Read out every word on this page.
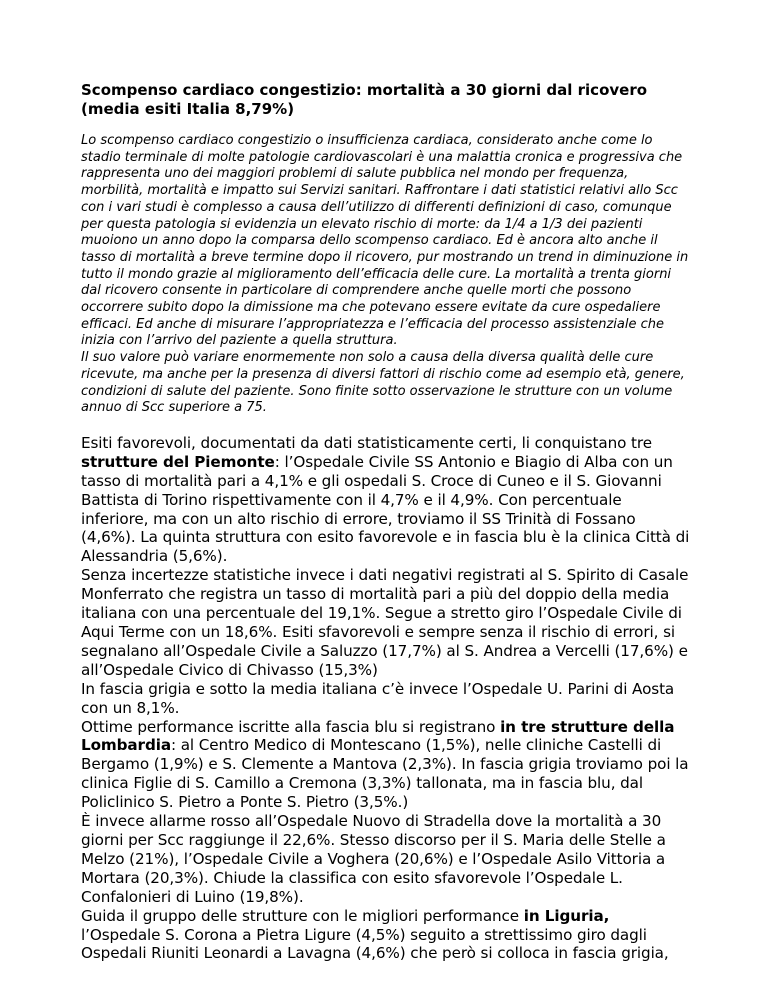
Scompenso cardiaco congestizio: mortalità a 30 giorni dal ricovero
(media esiti Italia 8,79%)

Lo scompenso cardiaco congestizio o insufficienza cardiaca, considerato anche come lo stadio terminale di molte patologie cardiovascolari è una malattia cronica e progressiva che rappresenta uno dei maggiori problemi di salute pubblica nel mondo per frequenza, morbilità, mortalità e impatto sui Servizi sanitari. Raffrontare i dati statistici relativi allo Scc con i vari studi è complesso a causa dell’utilizzo di differenti definizioni di caso, comunque per questa patologia si evidenzia un elevato rischio di morte: da 1/4 a 1/3 dei pazienti muoiono un anno dopo la comparsa dello scompenso cardiaco. Ed è ancora alto anche il tasso di mortalità a breve termine dopo il ricovero, pur mostrando un trend in diminuzione in tutto il mondo grazie al miglioramento dell’efficacia delle cure. La mortalità a trenta giorni dal ricovero consente in particolare di comprendere anche quelle morti che possono occorrere subito dopo la dimissione ma che potevano essere evitate da cure ospedaliere efficaci. Ed anche di misurare l’appropriatezza e l’efficacia del processo assistenziale che inizia con l’arrivo del paziente a quella struttura.

Il suo valore può variare enormemente non solo a causa della diversa qualità delle cure ricevute, ma anche per la presenza di diversi fattori di rischio come ad esempio età, genere, condizioni di salute del paziente. Sono finite sotto osservazione le strutture con un volume annuo di Scc superiore a 75.

Esiti favorevoli, documentati da dati statisticamente certi, li conquistano tre strutture del Piemonte: l’Ospedale Civile SS Antonio e Biagio di Alba con un tasso di mortalità pari a 4,1% e gli ospedali S. Croce di Cuneo e il S. Giovanni Battista di Torino rispettivamente con il 4,7% e il 4,9%. Con percentuale inferiore, ma con un alto rischio di errore, troviamo il SS Trinità di Fossano (4,6%). La quinta struttura con esito favorevole e in fascia blu è la clinica Città di Alessandria (5,6%).

Senza incertezze statistiche invece i dati negativi registrati al S. Spirito di Casale Monferrato che registra un tasso di mortalità pari a più del doppio della media italiana con una percentuale del 19,1%. Segue a stretto giro l’Ospedale Civile di Aqui Terme con un 18,6%. Esiti sfavorevoli e sempre senza il rischio di errori, si segnalano all’Ospedale Civile a Saluzzo (17,7%) al S. Andrea a Vercelli (17,6%) e all’Ospedale Civico di Chivasso (15,3%)

In fascia grigia e sotto la media italiana c’è invece l’Ospedale U. Parini di Aosta con un 8,1%.

Ottime performance iscritte alla fascia blu si registrano in tre strutture della Lombardia: al Centro Medico di Montescano (1,5%), nelle cliniche Castelli di Bergamo (1,9%) e S. Clemente a Mantova (2,3%). In fascia grigia troviamo poi la clinica Figlie di S. Camillo a Cremona (3,3%) tallonata, ma in fascia blu, dal Policlinico S. Pietro a Ponte S. Pietro (3,5%.)

È invece allarme rosso all’Ospedale Nuovo di Stradella dove la mortalità a 30 giorni per Scc raggiunge il 22,6%. Stesso discorso per il S. Maria delle Stelle a Melzo (21%), l’Ospedale Civile a Voghera (20,6%) e l’Ospedale Asilo Vittoria a Mortara (20,3%). Chiude la classifica con esito sfavorevole l’Ospedale L. Confalonieri di Luino (19,8%).

Guida il gruppo delle strutture con le migliori performance in Liguria, l’Ospedale S. Corona a Pietra Ligure (4,5%) seguito a strettissimo giro dagli Ospedali Riuniti Leonardi a Lavagna (4,6%) che però si colloca in fascia grigia,
